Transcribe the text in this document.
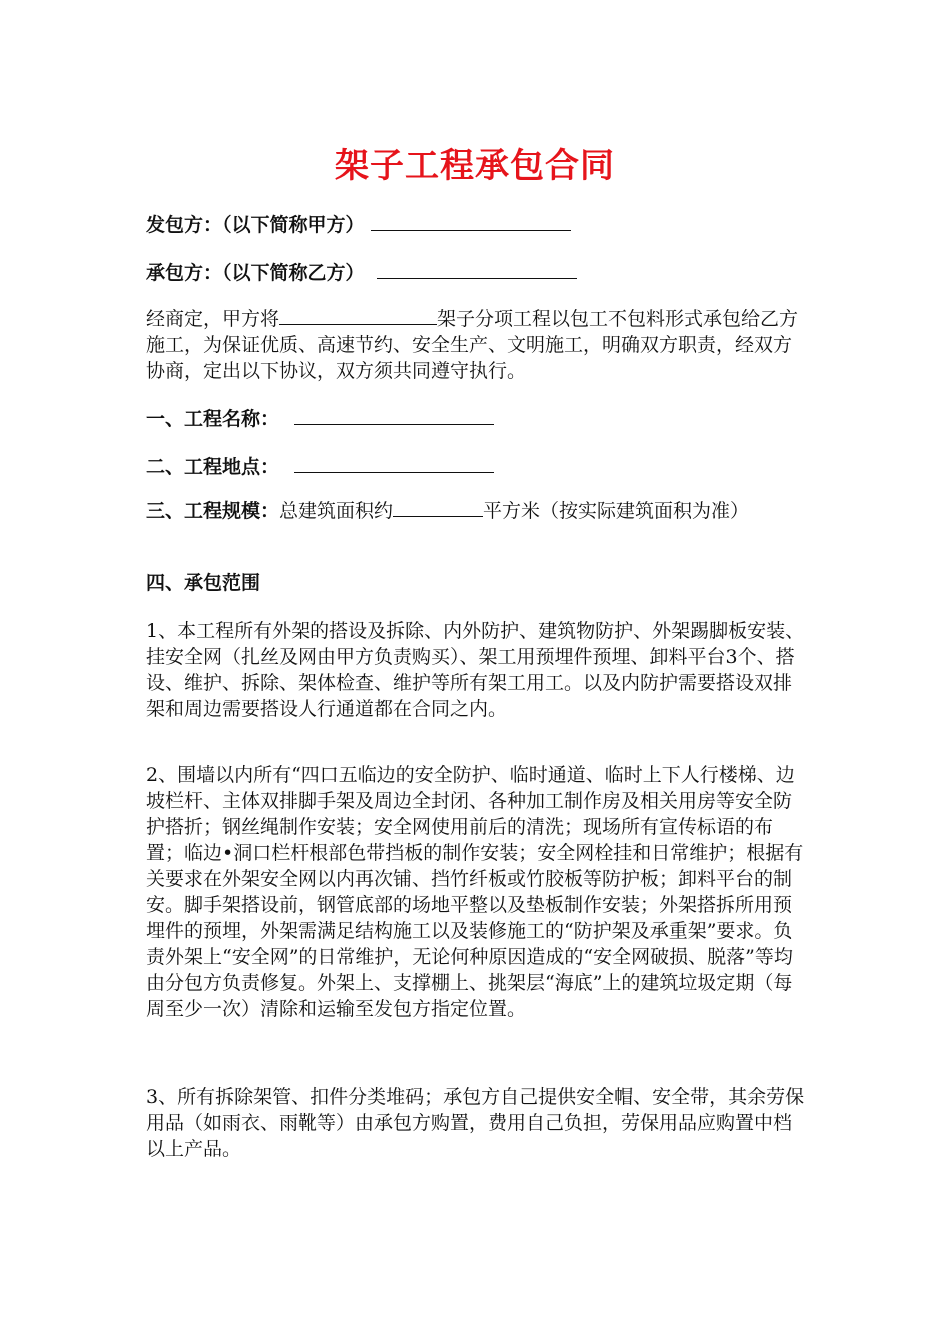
架子工程承包合同
发包方：（以下简称甲方）
承包方：（以下简称乙方）
经商定，甲方将	架子分项工程以包工不包料形式承包给乙方施工，为保证优质、高速节约、安全生产、文明施工，明确双方职责，经双方协商，定出以下协议，双方须共同遵守执行。
一、工程名称：
二、工程地点：
三、工程规模：总建筑面积约	平方米（按实际建筑面积为准）
四、承包范围
1、本工程所有外架的搭设及拆除、内外防护、建筑物防护、外架踢脚板安装、挂安全网（扎丝及网由甲方负责购买）、架工用预埋件预埋、卸料平台3个、搭设、维护、拆除、架体检查、维护等所有架工用工。以及内防护需要搭设双排架和周边需要搭设人行通道都在合同之内。
2、围墙以内所有“四口五临边的安全防护、临时通道、临时上下人行楼梯、边坡栏杆、主体双排脚手架及周边全封闭、各种加工制作房及相关用房等安全防护搭折；钢丝绳制作安装；安全网使用前后的清洗；现场所有宣传标语的布置；临边•洞口栏杆根部色带挡板的制作安装；安全网栓挂和日常维护；根据有关要求在外架安全网以内再次铺、挡竹纤板或竹胶板等防护板；卸料平台的制安。脚手架搭设前，钢管底部的场地平整以及垫板制作安装；外架搭拆所用预埋件的预埋，外架需满足结构施工以及装修施工的“防护架及承重架”要求。负责外架上“安全网”的日常维护，无论何种原因造成的“安全网破损、脱落”等均由分包方负责修复。外架上、支撑棚上、挑架层“海底”上的建筑垃圾定期（每周至少一次）清除和运输至发包方指定位置。
3、所有拆除架管、扣件分类堆码；承包方自己提供安全帽、安全带，其余劳保用品（如雨衣、雨靴等）由承包方购置，费用自己负担，劳保用品应购置中档以上产品。
